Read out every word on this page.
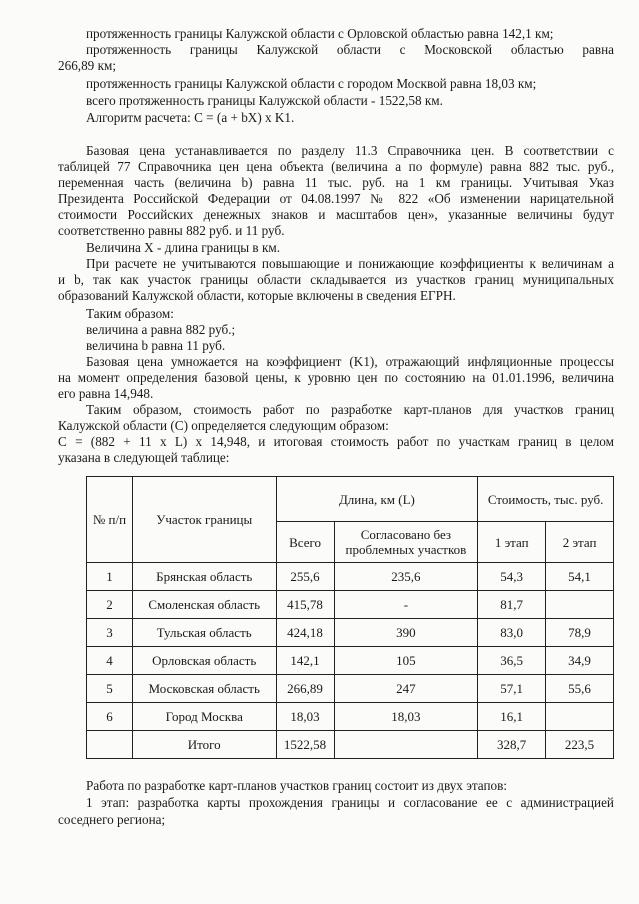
протяженность границы Калужской области с Орловской областью равна 142,1 км;
протяженность границы Калужской области с Московской областью равна
266,89 км;
протяженность границы Калужской области с городом Москвой равна 18,03 км;
всего протяженность границы Калужской области - 1522,58 км.
Алгоритм расчета: С = (a + bX) x K1.
Базовая цена устанавливается по разделу 11.3 Справочника цен. В соответствии с
таблицей 77 Справочника цен цена объекта (величина a по формуле) равна 882 тыс. руб.,
переменная часть (величина b) равна 11 тыс. руб. на 1 км границы. Учитывая Указ
Президента Российской Федерации от 04.08.1997 № 822 «Об изменении нарицательной
стоимости Российских денежных знаков и масштабов цен», указанные величины будут
соответственно равны 882 руб. и 11 руб.
Величина X - длина границы в км.
При расчете не учитываются повышающие и понижающие коэффициенты к величинам a
и b, так как участок границы области складывается из участков границ муниципальных
образований Калужской области, которые включены в сведения ЕГРН.
Таким образом:
величина a равна 882 руб.;
величина b равна 11 руб.
Базовая цена умножается на коэффициент (K1), отражающий инфляционные процессы
на момент определения базовой цены, к уровню цен по состоянию на 01.01.1996, величина
его равна 14,948.
Таким образом, стоимость работ по разработке карт-планов для участков границ
Калужской области (С) определяется следующим образом:
С = (882 + 11 x L) x 14,948, и итоговая стоимость работ по участкам границ в целом
указана в следующей таблице:
№ п/п	Участок границы	Длина, км (L)		Стоимость, тыс. руб.	
		Всего	Согласовано без проблемных участков	1 этап	2 этап
1	Брянская область	255,6	235,6	54,3	54,1
2	Смоленская область	415,78	-	81,7	
3	Тульская область	424,18	390	83,0	78,9
4	Орловская область	142,1	105	36,5	34,9
5	Московская область	266,89	247	57,1	55,6
6	Город Москва	18,03	18,03	16,1	
	Итого	1522,58		328,7	223,5
Работа по разработке карт-планов участков границ состоит из двух этапов:
1 этап: разработка карты прохождения границы и согласование ее с администрацией
соседнего региона;
